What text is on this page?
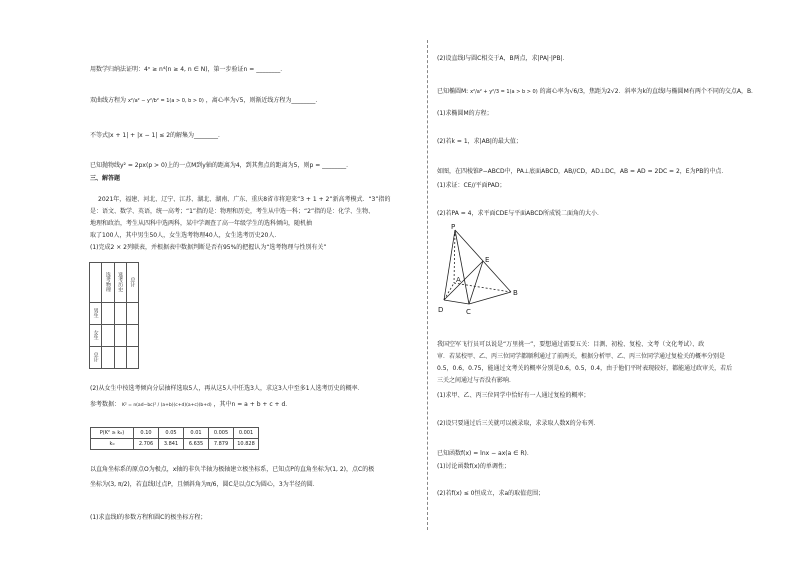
用数学归纳法证明：4ⁿ ≥ n⁴(n ≥ 4, n ∈ N)，第一步验证n = ________．
双曲线方程为 x²/a² − y²/b² = 1(a > 0, b > 0) ，离心率为√5，则渐近线方程为________．
不等式|x + 1| + |x − 1| ≤ 2的解集为________．
已知抛物线y² = 2px(p > 0)上的一点M到y轴的距离为4，到其焦点的距离为5，则p = ________．
三、解答题
2021年，福建、河北、辽宁、江苏、湖北、湖南、广东、重庆8省市将迎来“3 + 1 + 2”新高考模式．“3”指的
是：语文、数学、英语，统一高考；“1”指的是：物理和历史，考生从中选一科；“2”指的是：化学、生物、
地理和政治，考生从四科中选两科，某中学调查了高一年级学生的选科倾向，随机抽
取了100人，其中男生50人，女生选考物理40人，女生选考历史20人．
(1)完成2 × 2列联表，并根据表中数据判断是否有95%的把握认为“选考物理与性别有关”
	选考物理	选考历史	总计
男生			
女生			
总计			
(2)从女生中按选考倾向分层抽样选取5人，再从这5人中任选3人，求这3人中至多1人选考历史的概率．
参考数据： K² = n(ad−bc)² / (a+b)(c+d)(a+c)(b+d) ，其中n = a + b + c + d．
P(K² ≥ k₀)	0.10	0.05	0.01	0.005	0.001
k₀	2.706	3.841	6.635	7.879	10.828
以直角坐标系的原点O为极点，x轴的非负半轴为极轴建立极坐标系，已知点P的直角坐标为(1, 2)，点C的极
坐标为(3, π/2)，若直线l过点P，且倾斜角为π/6，圆C是以点C为圆心，3为半径的圆．
(1)求直线l的参数方程和圆C的极坐标方程；
(2)设直线l与圆C相交于A，B两点，求|PA|·|PB|．
已知椭圆M: x²/a² + y²/3 = 1(a > b > 0) 的离心率为√6/3，焦距为2√2．斜率为k的直线l与椭圆M有两个不同的交点A，B．
(1)求椭圆M的方程；
(2)若k = 1，求|AB|的最大值；
如图，在四棱锥P−ABCD中，PA⊥底面ABCD，AB//CD，AD⊥DC，AB = AD = 2DC = 2，E为PB的中点．
(1)求证：CE//平面PAD；
(2)若PA = 4，求平面CDE与平面ABCD所成锐二面角的大小．
P
E
A
B
D	C
我国空军飞行员可以说是“万里挑一”，要想通过需要五关：目测、初检、复检、文考（文化考试）、政
审．若某校甲、乙、丙三位同学都顺利通过了前两关，根据分析甲、乙、丙三位同学通过复检关的概率分别是
0.5，0.6，0.75，能通过文考关的概率分别是0.6，0.5，0.4，由于他们平时表现较好，都能通过政审关，若后
三关之间通过与否没有影响．
(1)求甲、乙、丙三位同学中恰好有一人通过复检的概率；
(2)设只要通过后三关就可以被录取，求录取人数X的分布列．
已知函数f(x) = lnx − ax(a ∈ R)．
(1)讨论函数f(x)的单调性；
(2)若f(x) ≤ 0恒成立，求a的取值范围；
